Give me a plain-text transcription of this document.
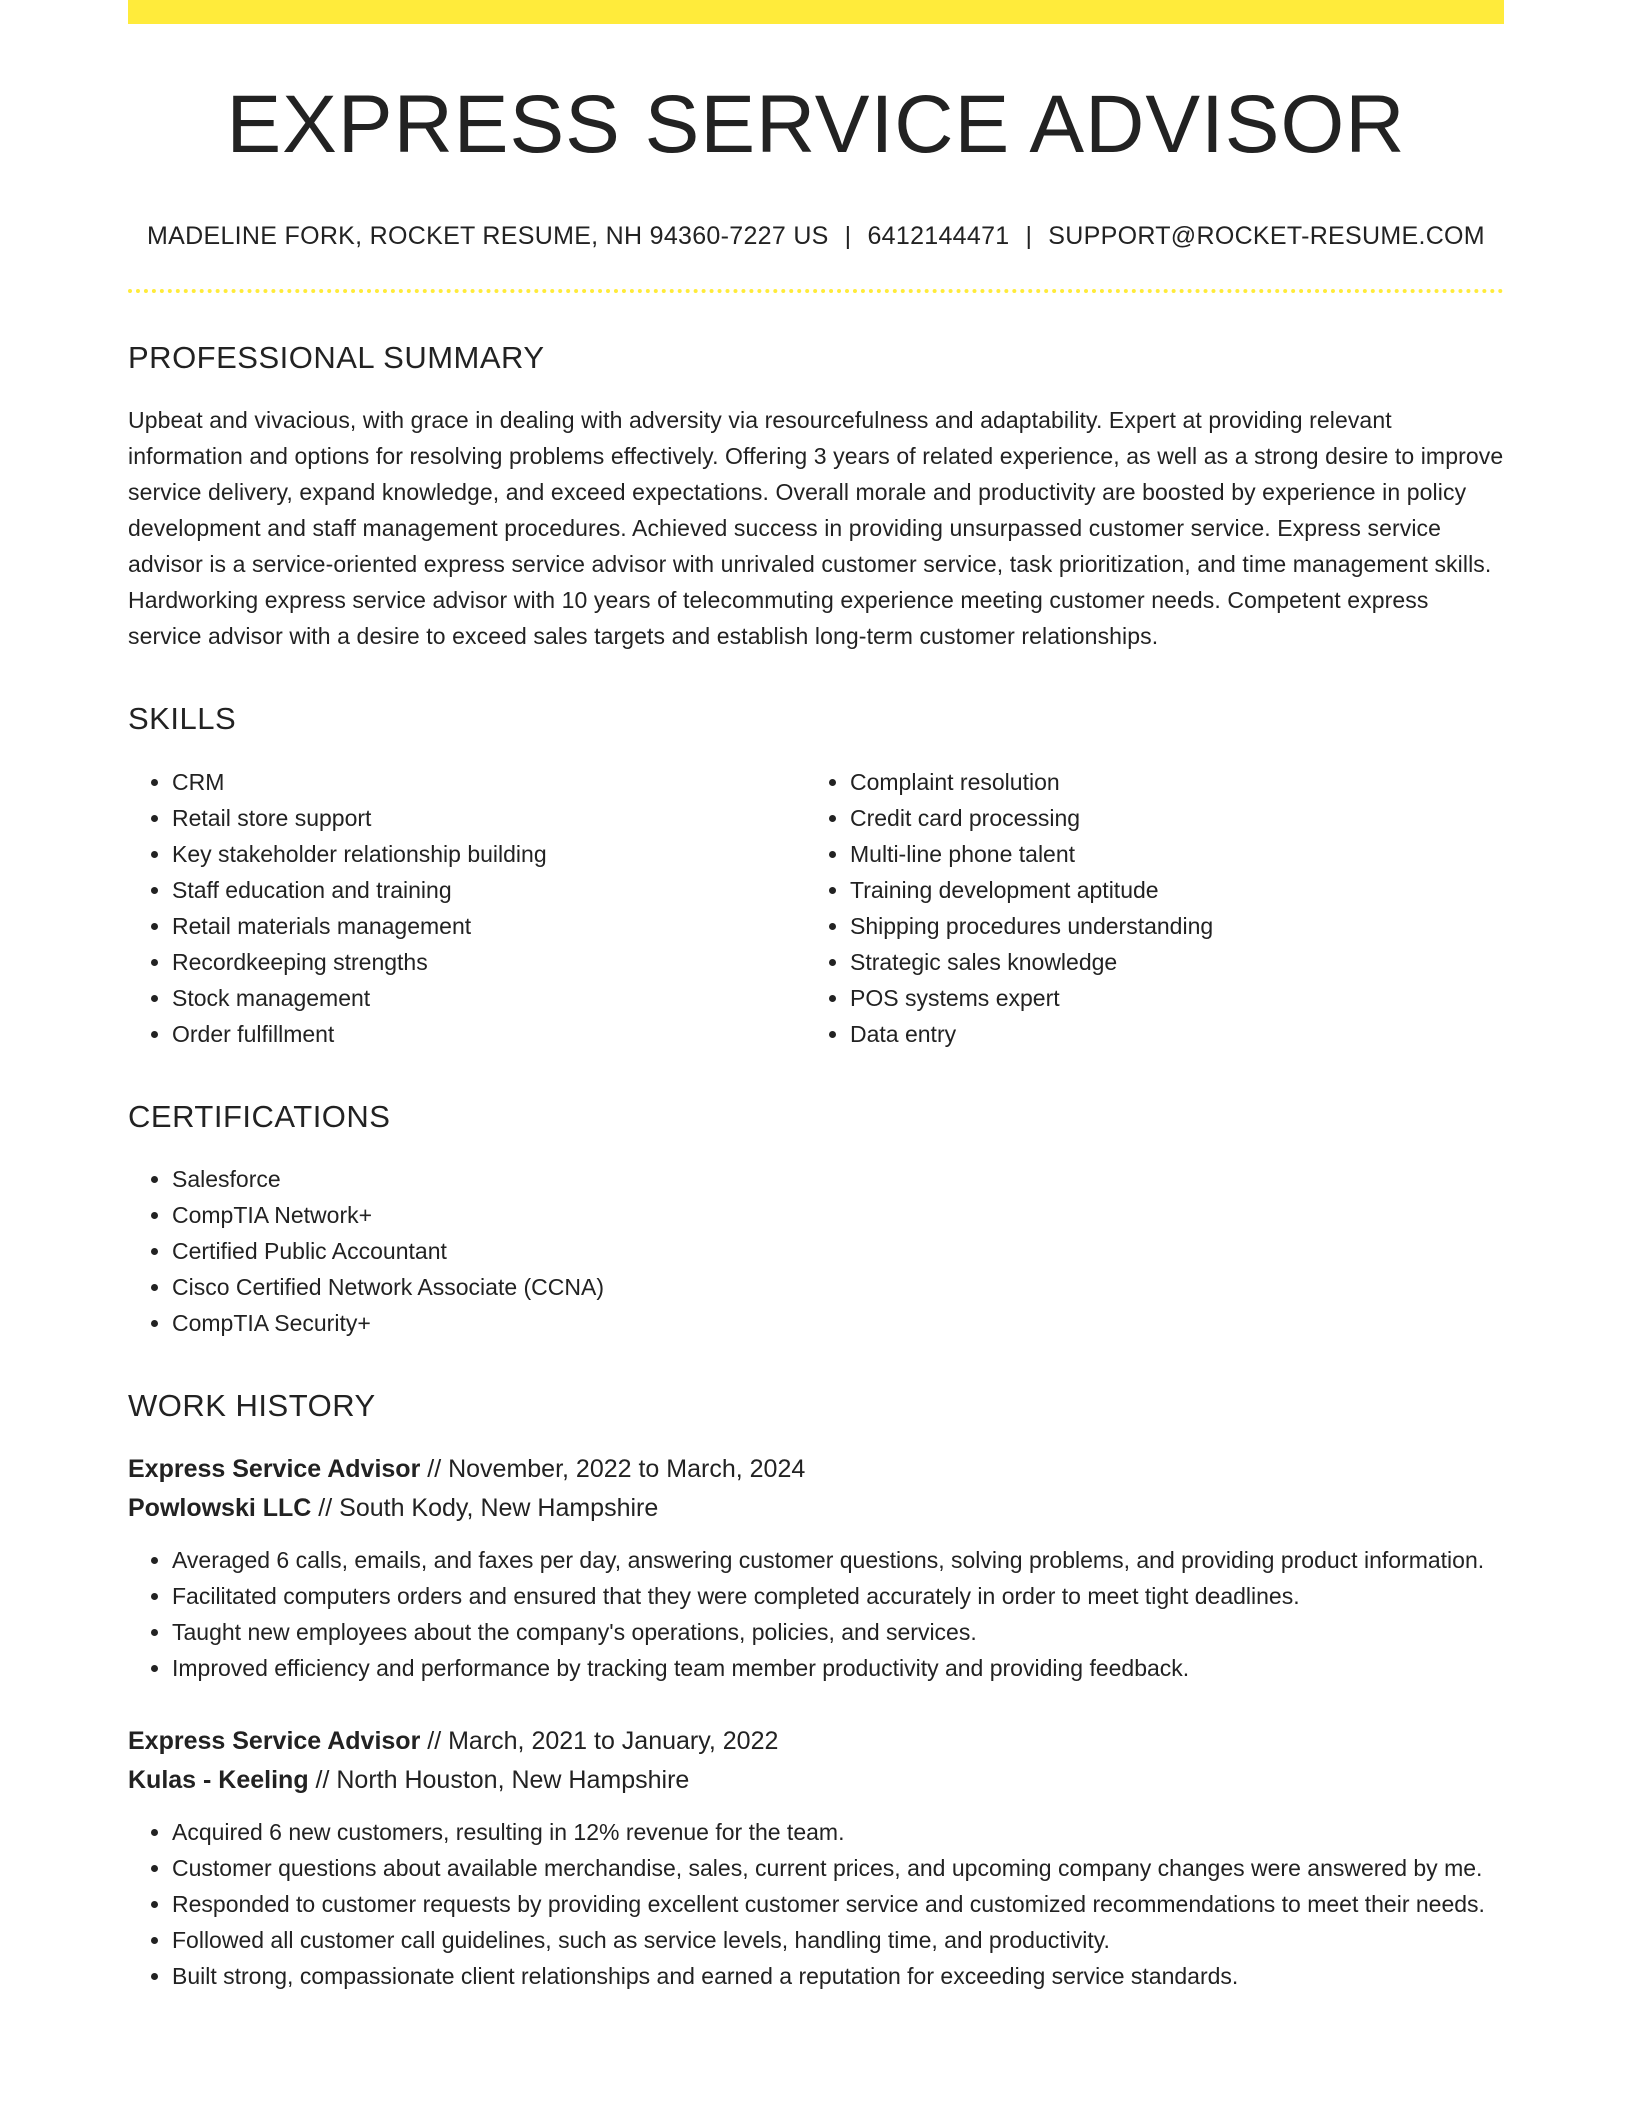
EXPRESS SERVICE ADVISOR
MADELINE FORK, ROCKET RESUME, NH 94360-7227 US | 6412144471 | SUPPORT@ROCKET-RESUME.COM
PROFESSIONAL SUMMARY

Upbeat and vivacious, with grace in dealing with adversity via resourcefulness and adaptability. Expert at providing relevant information and options for resolving problems effectively. Offering 3 years of related experience, as well as a strong desire to improve service delivery, expand knowledge, and exceed expectations. Overall morale and productivity are boosted by experience in policy development and staff management procedures. Achieved success in providing unsurpassed customer service. Express service advisor is a service-oriented express service advisor with unrivaled customer service, task prioritization, and time management skills. Hardworking express service advisor with 10 years of telecommuting experience meeting customer needs. Competent express service advisor with a desire to exceed sales targets and establish long-term customer relationships.

SKILLS
• CRM
• Retail store support
• Key stakeholder relationship building
• Staff education and training
• Retail materials management
• Recordkeeping strengths
• Stock management
• Order fulfillment
• Complaint resolution
• Credit card processing
• Multi-line phone talent
• Training development aptitude
• Shipping procedures understanding
• Strategic sales knowledge
• POS systems expert
• Data entry
CERTIFICATIONS
• Salesforce
• CompTIA Network+
• Certified Public Accountant
• Cisco Certified Network Associate (CCNA)
• CompTIA Security+
WORK HISTORY
Express Service Advisor // November, 2022 to March, 2024
Powlowski LLC // South Kody, New Hampshire
• Averaged 6 calls, emails, and faxes per day, answering customer questions, solving problems, and providing product information.
• Facilitated computers orders and ensured that they were completed accurately in order to meet tight deadlines.
• Taught new employees about the company's operations, policies, and services.
• Improved efficiency and performance by tracking team member productivity and providing feedback.
Express Service Advisor // March, 2021 to January, 2022
Kulas - Keeling // North Houston, New Hampshire
• Acquired 6 new customers, resulting in 12% revenue for the team.
• Customer questions about available merchandise, sales, current prices, and upcoming company changes were answered by me.
• Responded to customer requests by providing excellent customer service and customized recommendations to meet their needs.
• Followed all customer call guidelines, such as service levels, handling time, and productivity.
• Built strong, compassionate client relationships and earned a reputation for exceeding service standards.
